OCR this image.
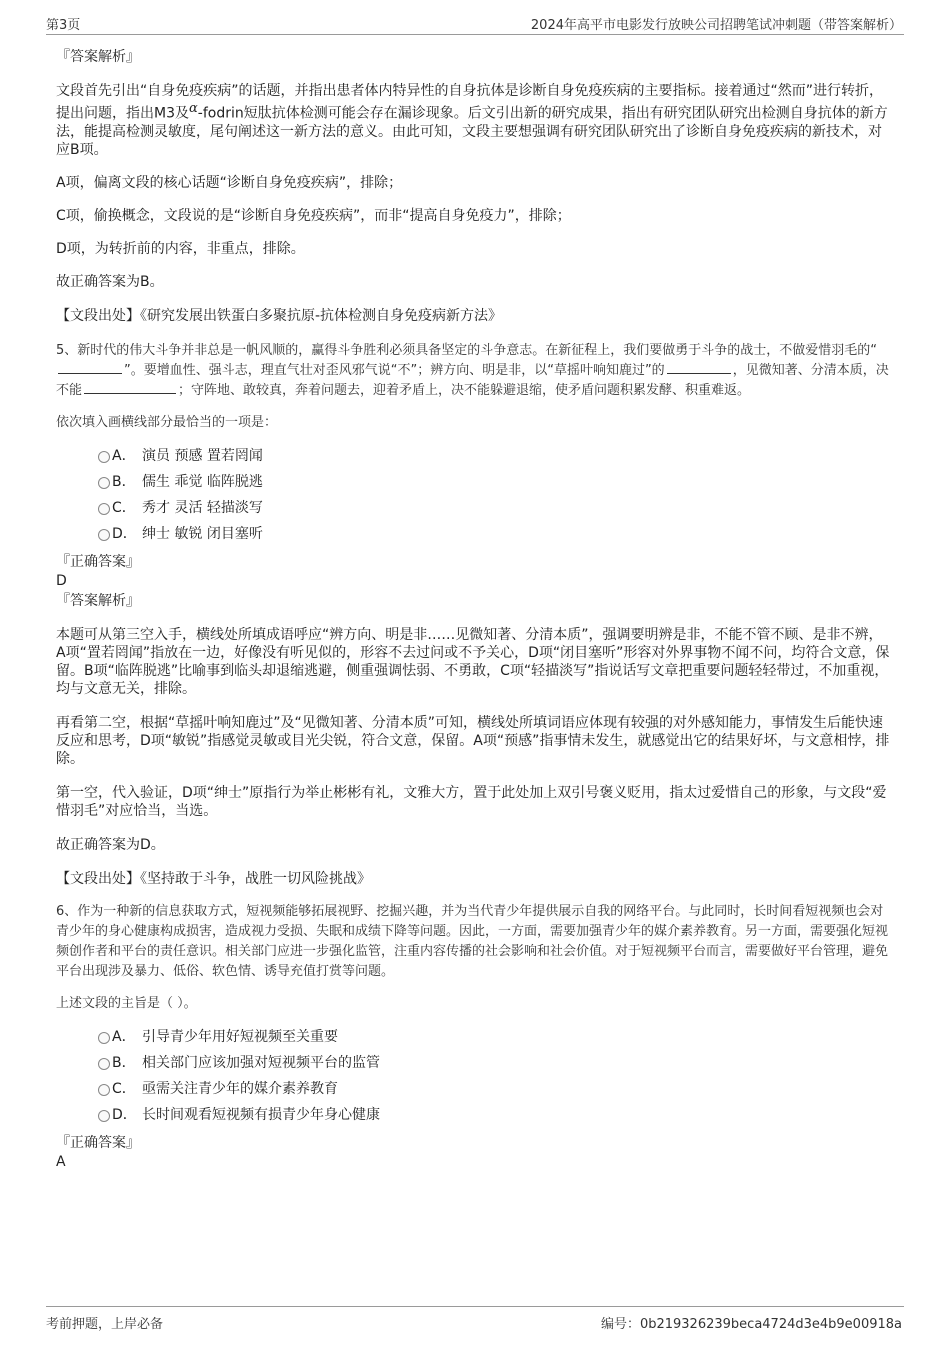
第3页	2024年高平市电影发行放映公司招聘笔试冲刺题（带答案解析）

『答案解析』

文段首先引出“自身免疫疾病”的话题，并指出患者体内特异性的自身抗体是诊断自身免疫疾病的主要指标。接着通过“然而”进行转折，提出问题，指出M3及α-fodrin短肽抗体检测可能会存在漏诊现象。后文引出新的研究成果，指出有研究团队研究出检测自身抗体的新方法，能提高检测灵敏度，尾句阐述这一新方法的意义。由此可知，文段主要想强调有研究团队研究出了诊断自身免疫疾病的新技术，对应B项。

A项，偏离文段的核心话题“诊断自身免疫疾病”，排除；

C项，偷换概念，文段说的是“诊断自身免疫疾病”，而非“提高自身免疫力”，排除；

D项，为转折前的内容，非重点，排除。

故正确答案为B。

【文段出处】《研究发展出铁蛋白多聚抗原-抗体检测自身免疫病新方法》

5、新时代的伟大斗争并非总是一帆风顺的，赢得斗争胜利必须具备坚定的斗争意志。在新征程上，我们要做勇于斗争的战士，不做爱惜羽毛的“”。要增血性、强斗志，理直气壮对歪风邪气说“不”；辨方向、明是非，以“草摇叶响知鹿过”的	，见微知著、分清本质，决不能	；守阵地、敢较真，奔着问题去，迎着矛盾上，决不能躲避退缩，使矛盾问题积累发酵、积重难返。

依次填入画横线部分最恰当的一项是：

A． 演员 预感 置若罔闻
B． 儒生 乖觉 临阵脱逃
C． 秀才 灵活 轻描淡写
D． 绅士 敏锐 闭目塞听

『正确答案』

D

『答案解析』

本题可从第三空入手，横线处所填成语呼应“辨方向、明是非……见微知著、分清本质”，强调要明辨是非，不能不管不顾、是非不辨，A项“置若罔闻”指放在一边，好像没有听见似的，形容不去过问或不予关心，D项“闭目塞听”形容对外界事物不闻不问，均符合文意，保留。B项“临阵脱逃”比喻事到临头却退缩逃避，侧重强调怯弱、不勇敢，C项“轻描淡写”指说话写文章把重要问题轻轻带过，不加重视，均与文意无关，排除。

再看第二空，根据“草摇叶响知鹿过”及“见微知著、分清本质”可知，横线处所填词语应体现有较强的对外感知能力，事情发生后能快速反应和思考，D项“敏锐”指感觉灵敏或目光尖锐，符合文意，保留。A项“预感”指事情未发生，就感觉出它的结果好坏，与文意相悖，排除。

第一空，代入验证，D项“绅士”原指行为举止彬彬有礼，文雅大方，置于此处加上双引号褒义贬用，指太过爱惜自己的形象，与文段“爱惜羽毛”对应恰当，当选。

故正确答案为D。

【文段出处】《坚持敢于斗争，战胜一切风险挑战》

6、作为一种新的信息获取方式，短视频能够拓展视野、挖掘兴趣，并为当代青少年提供展示自我的网络平台。与此同时，长时间看短视频也会对青少年的身心健康构成损害，造成视力受损、失眠和成绩下降等问题。因此，一方面，需要加强青少年的媒介素养教育。另一方面，需要强化短视频创作者和平台的责任意识。相关部门应进一步强化监管，注重内容传播的社会影响和社会价值。对于短视频平台而言，需要做好平台管理，避免平台出现涉及暴力、低俗、软色情、诱导充值打赏等问题。

上述文段的主旨是（ ）。

A． 引导青少年用好短视频至关重要
B． 相关部门应该加强对短视频平台的监管
C． 亟需关注青少年的媒介素养教育
D． 长时间观看短视频有损青少年身心健康

『正确答案』

A

考前押题，上岸必备	编号：0b219326239beca4724d3e4b9e00918a
